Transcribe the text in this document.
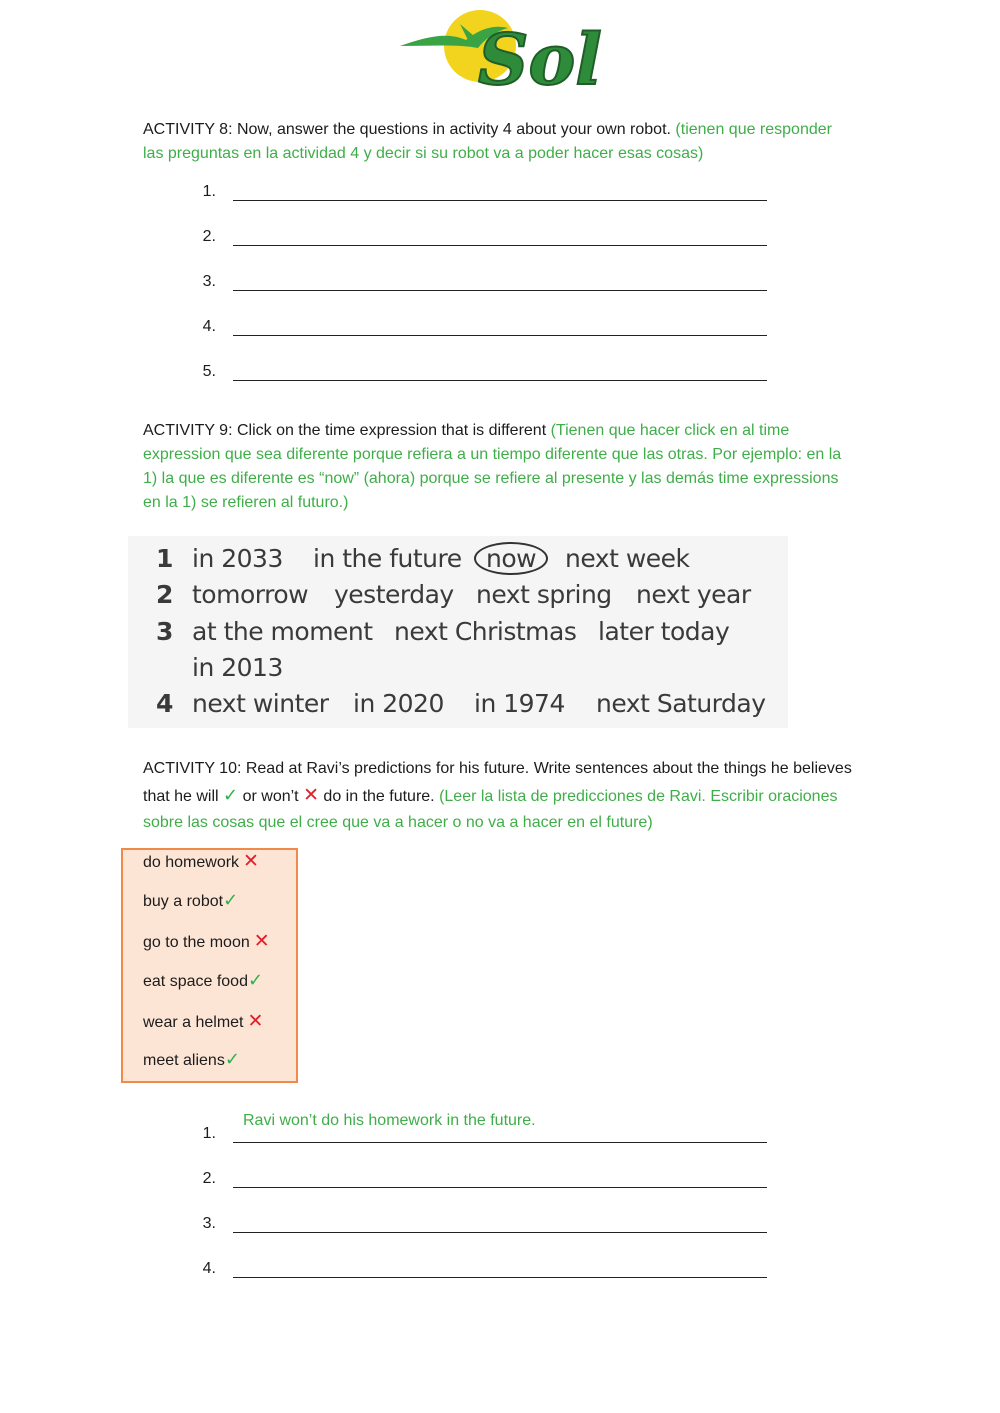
Sol
ACTIVITY 8: Now, answer the questions in activity 4 about your own robot. (tienen que responder las preguntas en la actividad 4 y decir si su robot va a poder hacer esas cosas)
1.
2.
3.
4.
5.
ACTIVITY 9: Click on the time expression that is different (Tienen que hacer click en al time expression que sea diferente porque refiera a un tiempo diferente que las otras. Por ejemplo: en la 1) la que es diferente es “now” (ahora) porque se refiere al presente y las demás time expressions en la 1) se refieren al futuro.)
1 in 2033 in the future now	next week
2 tomorrow yesterday next spring next year
3 at the moment next Christmas later today
in 2013
4 next winter in 2020 in 1974 next Saturday
ACTIVITY 10: Read at Ravi’s predictions for his future. Write sentences about the things he believes that he will ✓ or won’t ✕ do in the future. (Leer la lista de predicciones de Ravi. Escribir oraciones sobre las cosas que el cree que va a hacer o no va a hacer en el future)
do homework ✕
buy a robot✓
go to the moon ✕
eat space food✓
wear a helmet ✕
meet aliens✓
Ravi won’t do his homework in the future.
1.
2.
3.
4.
